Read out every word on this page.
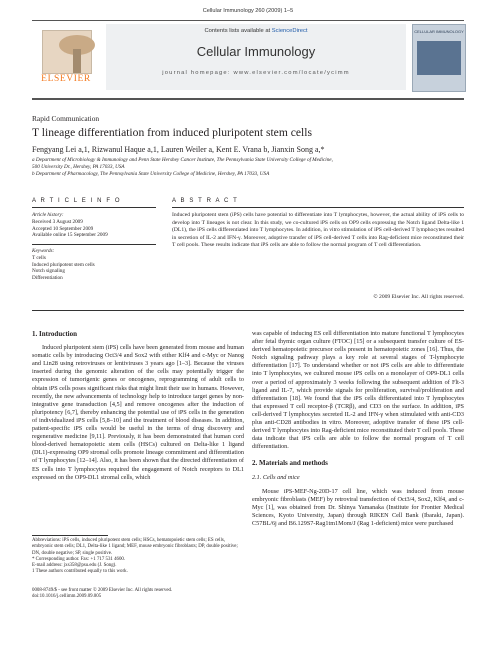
Cellular Immunology 260 (2009) 1–5
ELSEVIER
Contents lists available at ScienceDirect
Cellular Immunology
journal homepage: www.elsevier.com/locate/ycimm
CELLULAR IMMUNOLOGY
Rapid Communication
T lineage differentiation from induced pluripotent stem cells
Fengyang Lei a,1, Rizwanul Haque a,1, Lauren Weiler a, Kent E. Vrana b, Jianxin Song a,*
a Department of Microbiology & Immunology and Penn State Hershey Cancer Institute, The Pennsylvania State University College of Medicine,
500 University Dr., Hershey, PA 17033, USA
b Department of Pharmacology, The Pennsylvania State University College of Medicine, Hershey, PA 17033, USA
A R T I C L E I N F O	A B S T R A C T
Article history:
Received 3 August 2009
Accepted 10 September 2009
Available online 15 September 2009
Keywords:
T cells
Induced pluripotent stem cells
Notch signaling
Differentiation
Induced pluripotent stem (iPS) cells have potential to differentiate into T lymphocytes, however, the actual ability of iPS cells to develop into T lineages is not clear. In this study, we co-cultured iPS cells on OP9 cells expressing the Notch ligand Delta-like 1 (DL1), the iPS cells differentiated into T lymphocytes. In addition, in vitro stimulation of iPS cell-derived T lymphocytes resulted in secretion of IL-2 and IFN-γ. Moreover, adoptive transfer of iPS cell-derived T cells into Rag-deficient mice reconstituted their T cell pools. These results indicate that iPS cells are able to follow the normal program of T cell differentiation.
© 2009 Elsevier Inc. All rights reserved.
1. Introduction

Induced pluripotent stem (iPS) cells have been generated from mouse and human somatic cells by introducing Oct3/4 and Sox2 with either Klf4 and c-Myc or Nanog and Lin28 using retroviruses or lentiviruses 3 years ago [1–3]. Because the viruses inserted during the genomic alteration of the cells may potentially trigger the expression of tumorigenic genes or oncogenes, reprogramming of adult cells to obtain iPS cells poses significant risks that might limit their use in humans. However, recently, the new advancements of technology help to introduce target genes by non-integrative gene transduction [4,5] and remove oncogenes after the induction of pluripotency [6,7], thereby enhancing the potential use of iPS cells in the generation of individualized iPS cells [5,8–10] and the treatment of blood diseases. In addition, patient-specific iPS cells would be useful in the terms of drug discovery and regenerative medicine [9,11]. Previously, it has been demonstrated that human cord blood-derived hematopoietic stem cells (HSCs) cultured on Delta-like 1 ligand (DL1)-expressing OP9 stromal cells promote lineage commitment and differentiation of T lymphocytes [12–14]. Also, it has been shown that the directed differentiation of ES cells into T lymphocytes required the engagement of Notch receptors to DL1 expressed on the OP9-DL1 stromal cells, which

Abbreviations: iPS cells, induced pluripotent stem cells; HSCs, hematopoietic stem cells; ES cells, embryonic stem cells; DL1, Delta-like 1 ligand; MEF, mouse embryonic fibroblasts; DP, double positive; DN, double negative; SP, single positive.
* Corresponding author. Fax: +1 717 531 4600.
E-mail address: jxs358@psu.edu (J. Song).
1 These authors contributed equally to this work.
0008-8749/$ - see front matter © 2009 Elsevier Inc. All rights reserved.
doi:10.1016/j.cellimm.2009.09.005

was capable of inducing ES cell differentiation into mature functional T lymphocytes after fetal thymic organ culture (FTOC) [15] or a subsequent transfer culture of ES-derived hematopoietic precursor cells present in hematopoietic zones [16]. Thus, the Notch signaling pathway plays a key role at several stages of T-lymphocyte differentiation [17]. To understand whether or not iPS cells are able to differentiate into T lymphocytes, we cultured mouse iPS cells on a monolayer of OP9-DL1 cells over a period of approximately 3 weeks following the subsequent addition of Flt-3 ligand and IL-7, which provide signals for proliferation, survival/proliferation and differentiation [18]. We found that the iPS cells differentiated into T lymphocytes that expressed T cell receptor-β (TCRβ), and CD3 on the surface. In addition, iPS cell-derived T lymphocytes secreted IL-2 and IFN-γ when stimulated with anti-CD3 plus anti-CD28 antibodies in vitro. Moreover, adoptive transfer of these iPS cell-derived T lymphocytes into Rag-deficient mice reconstituted their T cell pools. These data indicate that iPS cells are able to follow the normal program of T cell differentiation.

2. Materials and methods
2.1. Cells and mice

Mouse iPS-MEF-Ng-20D-17 cell line, which was induced from mouse embryonic fibroblasts (MEF) by retroviral transfection of Oct3/4, Sox2, Klf4, and c-Myc [1], was obtained from Dr. Shinya Yamanaka (Institute for Frontier Medical Sciences, Kyoto University, Japan) through RIKEN Cell Bank (Ibaraki, Japan). C57BL/6j and B6.129S7-Rag1tm1Mom/J (Rag 1-deficient) mice were purchased
